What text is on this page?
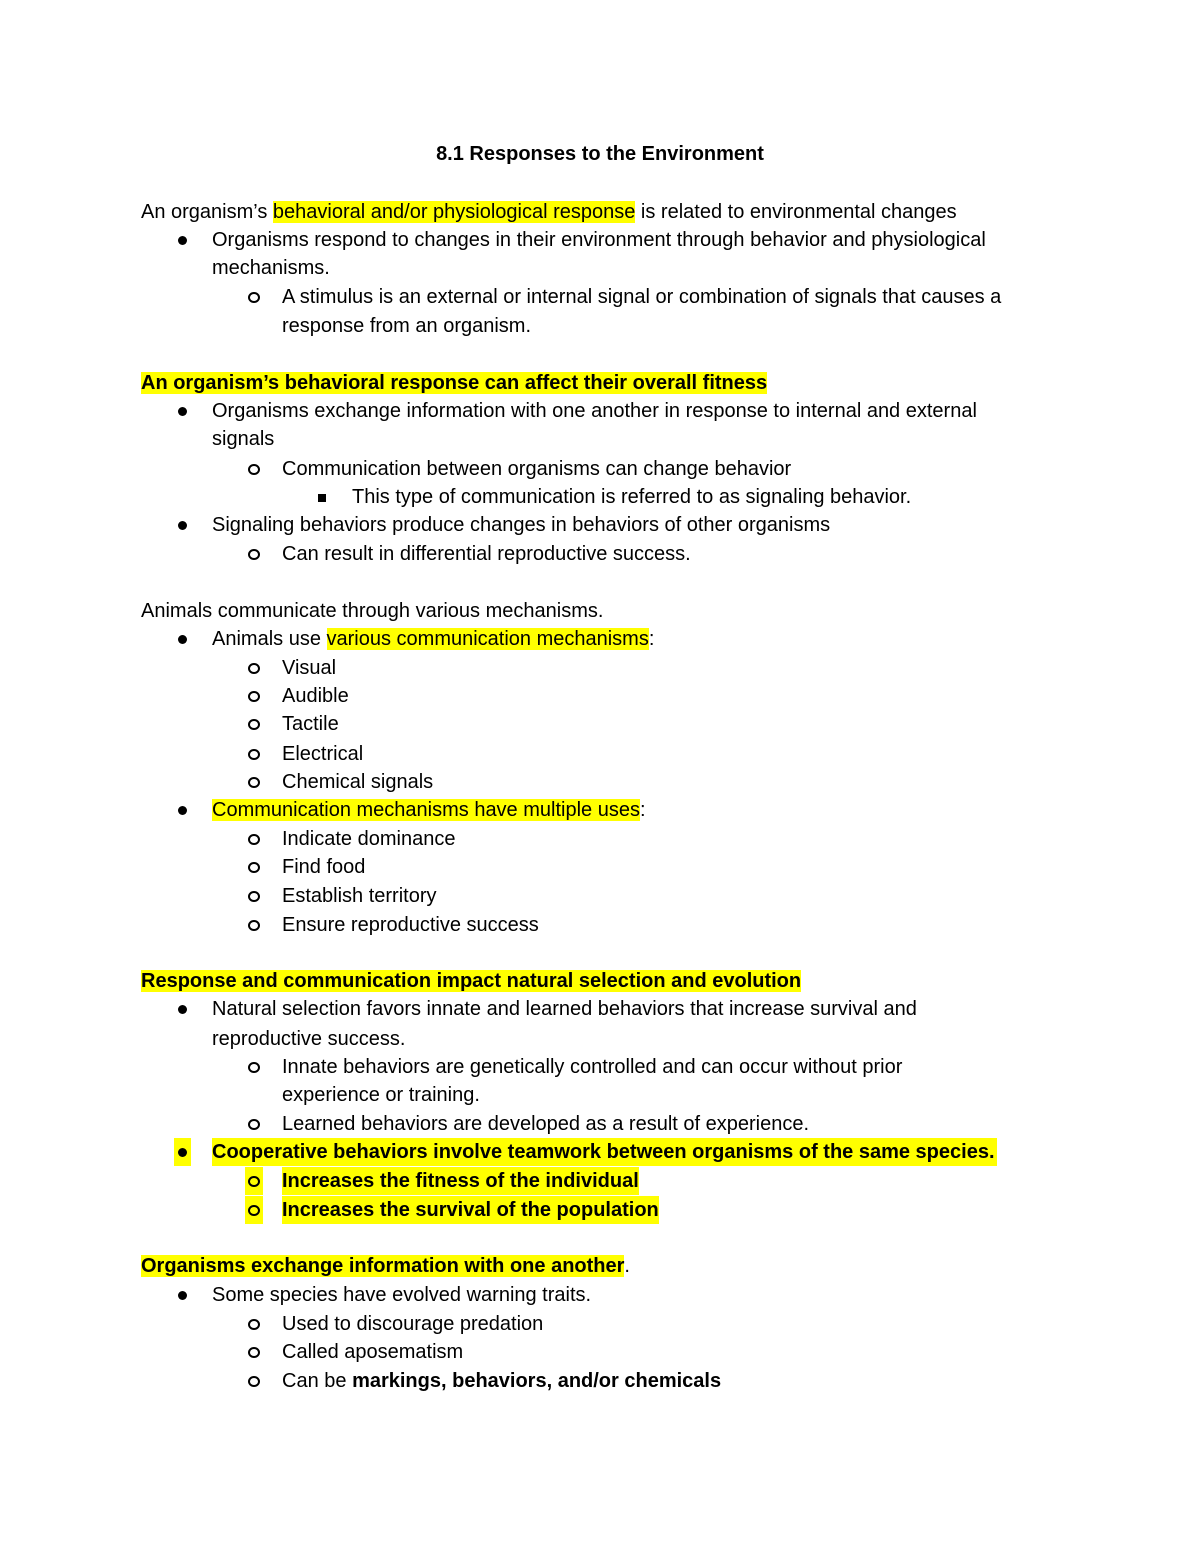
8.1 Responses to the Environment
An organism’s behavioral and/or physiological response is related to environmental changes
Organisms respond to changes in their environment through behavior and physiological
mechanisms.
A stimulus is an external or internal signal or combination of signals that causes a
response from an organism.
An organism’s behavioral response can affect their overall fitness
Organisms exchange information with one another in response to internal and external
signals
Communication between organisms can change behavior
This type of communication is referred to as signaling behavior.
Signaling behaviors produce changes in behaviors of other organisms
Can result in differential reproductive success.
Animals communicate through various mechanisms.
Animals use various communication mechanisms:
Visual
Audible
Tactile
Electrical
Chemical signals
Communication mechanisms have multiple uses:
Indicate dominance
Find food
Establish territory
Ensure reproductive success
Response and communication impact natural selection and evolution
Natural selection favors innate and learned behaviors that increase survival and
reproductive success.
Innate behaviors are genetically controlled and can occur without prior
experience or training.
Learned behaviors are developed as a result of experience.
Cooperative behaviors involve teamwork between organisms of the same species.
Increases the fitness of the individual
Increases the survival of the population
Organisms exchange information with one another.
Some species have evolved warning traits.
Used to discourage predation
Called aposematism
Can be markings, behaviors, and/or chemicals
